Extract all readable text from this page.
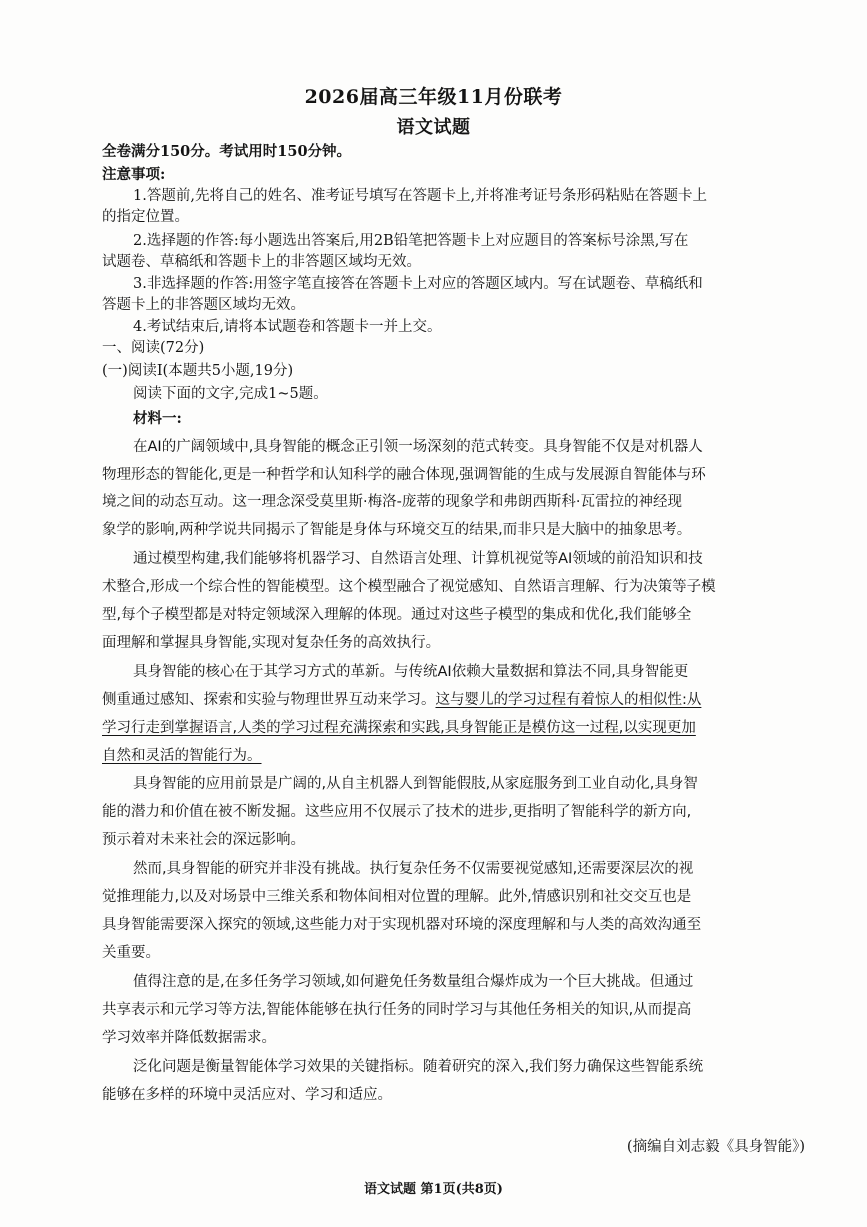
2026届高三年级11月份联考
语文试题
全卷满分150分。考试用时150分钟。
注意事项:
1.答题前,先将自己的姓名、准考证号填写在答题卡上,并将准考证号条形码粘贴在答题卡上
的指定位置。
2.选择题的作答:每小题选出答案后,用2B铅笔把答题卡上对应题目的答案标号涂黑,写在
试题卷、草稿纸和答题卡上的非答题区域均无效。
3.非选择题的作答:用签字笔直接答在答题卡上对应的答题区域内。写在试题卷、草稿纸和
答题卡上的非答题区域均无效。
4.考试结束后,请将本试题卷和答题卡一并上交。
一、阅读(72分)
(一)阅读Ⅰ(本题共5小题,19分)
阅读下面的文字,完成1~5题。
材料一:
在AI的广阔领域中,具身智能的概念正引领一场深刻的范式转变。具身智能不仅是对机器人
物理形态的智能化,更是一种哲学和认知科学的融合体现,强调智能的生成与发展源自智能体与环
境之间的动态互动。这一理念深受莫里斯·梅洛-庞蒂的现象学和弗朗西斯科·瓦雷拉的神经现
象学的影响,两种学说共同揭示了智能是身体与环境交互的结果,而非只是大脑中的抽象思考。
通过模型构建,我们能够将机器学习、自然语言处理、计算机视觉等AI领域的前沿知识和技
术整合,形成一个综合性的智能模型。这个模型融合了视觉感知、自然语言理解、行为决策等子模
型,每个子模型都是对特定领域深入理解的体现。通过对这些子模型的集成和优化,我们能够全
面理解和掌握具身智能,实现对复杂任务的高效执行。
具身智能的核心在于其学习方式的革新。与传统AI依赖大量数据和算法不同,具身智能更
侧重通过感知、探索和实验与物理世界互动来学习。这与婴儿的学习过程有着惊人的相似性:从
学习行走到掌握语言,人类的学习过程充满探索和实践,具身智能正是模仿这一过程,以实现更加
自然和灵活的智能行为。
具身智能的应用前景是广阔的,从自主机器人到智能假肢,从家庭服务到工业自动化,具身智
能的潜力和价值在被不断发掘。这些应用不仅展示了技术的进步,更指明了智能科学的新方向,
预示着对未来社会的深远影响。
然而,具身智能的研究并非没有挑战。执行复杂任务不仅需要视觉感知,还需要深层次的视
觉推理能力,以及对场景中三维关系和物体间相对位置的理解。此外,情感识别和社交交互也是
具身智能需要深入探究的领域,这些能力对于实现机器对环境的深度理解和与人类的高效沟通至
关重要。
值得注意的是,在多任务学习领域,如何避免任务数量组合爆炸成为一个巨大挑战。但通过
共享表示和元学习等方法,智能体能够在执行任务的同时学习与其他任务相关的知识,从而提高
学习效率并降低数据需求。
泛化问题是衡量智能体学习效果的关键指标。随着研究的深入,我们努力确保这些智能系统
能够在多样的环境中灵活应对、学习和适应。
(摘编自刘志毅《具身智能》)
语文试题 第1页(共8页)
